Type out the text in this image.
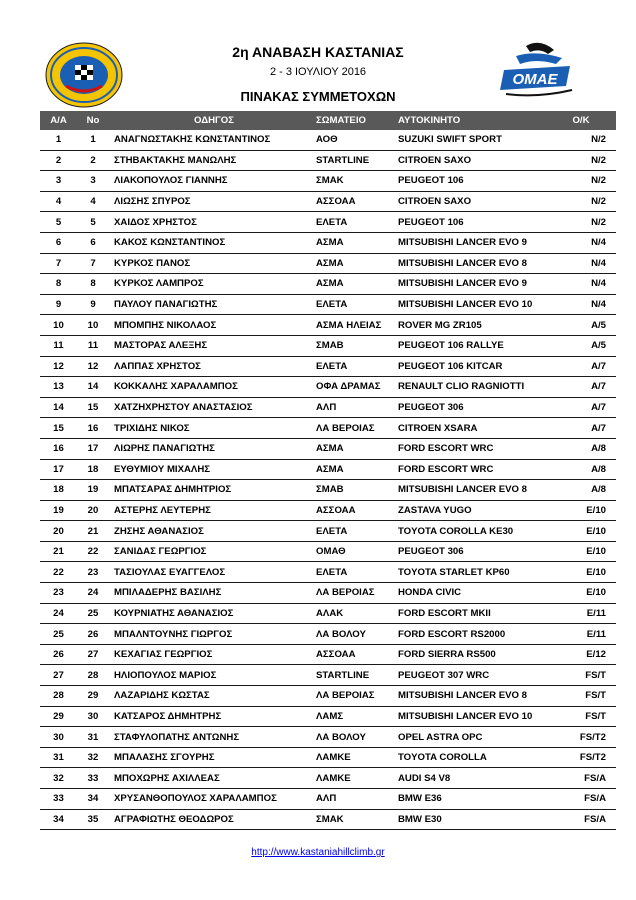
2η ΑΝΑΒΑΣΗ ΚΑΣΤΑΝΙΑΣ
2 - 3 ΙΟΥΛΙΟΥ 2016
ΠΙΝΑΚΑΣ ΣΥΜΜΕΤΟΧΩΝ
ΟΜΑΕ
Α/Α	Νο	ΟΔΗΓΟΣ	ΣΩΜΑΤΕΙΟ	ΑΥΤΟΚΙΝΗΤΟ	Ο/Κ
1	1	ΑΝΑΓΝΩΣΤΑΚΗΣ ΚΩΝΣΤΑΝΤΙΝΟΣ	ΑΟΘ	SUZUKI SWIFT SPORT	N/2
2	2	ΣΤΗΒΑΚΤΑΚΗΣ ΜΑΝΩΛΗΣ	STARTLINE	CITROEN SAXO	N/2
3	3	ΛΙΑΚΟΠΟΥΛΟΣ ΓΙΑΝΝΗΣ	ΣΜΑΚ	PEUGEOT 106	N/2
4	4	ΛΙΩΣΗΣ ΣΠΥΡΟΣ	ΑΣΣΟΑΑ	CITROEN SAXO	N/2
5	5	ΧΑΙΔΟΣ ΧΡΗΣΤΟΣ	ΕΛΕΤΑ	PEUGEOT 106	N/2
6	6	ΚΑΚΟΣ ΚΩΝΣΤΑΝΤΙΝΟΣ	ΑΣΜΑ	MITSUBISHI LANCER EVO 9	N/4
7	7	ΚΥΡΚΟΣ ΠΑΝΟΣ	ΑΣΜΑ	MITSUBISHI LANCER EVO 8	N/4
8	8	ΚΥΡΚΟΣ ΛΑΜΠΡΟΣ	ΑΣΜΑ	MITSUBISHI LANCER EVO 9	N/4
9	9	ΠΑΥΛΟΥ ΠΑΝΑΓΙΩΤΗΣ	ΕΛΕΤΑ	MITSUBISHI LANCER EVO 10	N/4
10	10	ΜΠΟΜΠΗΣ ΝΙΚΟΛΑΟΣ	ΑΣΜΑ ΗΛΕΙΑΣ	ROVER MG ZR105	A/5
11	11	ΜΑΣΤΟΡΑΣ ΑΛΕΞΗΣ	ΣΜΑΒ	PEUGEOT 106 RALLYE	A/5
12	12	ΛΑΠΠΑΣ ΧΡΗΣΤΟΣ	ΕΛΕΤΑ	PEUGEOT 106 KITCAR	A/7
13	14	ΚΟΚΚΑΛΗΣ ΧΑΡΑΛΑΜΠΟΣ	ΟΦΑ ΔΡΑΜΑΣ	RENAULT CLIO RAGNIOTTI	A/7
14	15	ΧΑΤΖΗΧΡΗΣΤΟΥ ΑΝΑΣΤΑΣΙΟΣ	ΑΛΠ	PEUGEOT 306	A/7
15	16	ΤΡΙΧΙΔΗΣ ΝΙΚΟΣ	ΛΑ ΒΕΡΟΙΑΣ	CITROEN XSARA	A/7
16	17	ΛΙΩΡΗΣ ΠΑΝΑΓΙΩΤΗΣ	ΑΣΜΑ	FORD ESCORT WRC	A/8
17	18	ΕΥΘΥΜΙΟΥ ΜΙΧΑΛΗΣ	ΑΣΜΑ	FORD ESCORT WRC	A/8
18	19	ΜΠΑΤΣΑΡΑΣ ΔΗΜΗΤΡΙΟΣ	ΣΜΑΒ	MITSUBISHI LANCER EVO 8	A/8
19	20	ΑΣΤΕΡΗΣ ΛΕΥΤΕΡΗΣ	ΑΣΣΟΑΑ	ZASTAVA YUGO	E/10
20	21	ΖΗΣΗΣ ΑΘΑΝΑΣΙΟΣ	ΕΛΕΤΑ	TOYOTA COROLLA KE30	E/10
21	22	ΣΑΝΙΔΑΣ ΓΕΩΡΓΙΟΣ	ΟΜΑΘ	PEUGEOT 306	E/10
22	23	ΤΑΣΙΟΥΛΑΣ ΕΥΑΓΓΕΛΟΣ	ΕΛΕΤΑ	TOYOTA STARLET KP60	E/10
23	24	ΜΠΙΛΑΔΕΡΗΣ ΒΑΣΙΛΗΣ	ΛΑ ΒΕΡΟΙΑΣ	HONDA CIVIC	E/10
24	25	ΚΟΥΡΝΙΑΤΗΣ ΑΘΑΝΑΣΙΟΣ	ΑΛΑΚ	FORD ESCORT MKII	E/11
25	26	ΜΠΑΛΝΤΟΥΝΗΣ ΓΙΩΡΓΟΣ	ΛΑ ΒΟΛΟΥ	FORD ESCORT RS2000	E/11
26	27	ΚΕΧΑΓΙΑΣ ΓΕΩΡΓΙΟΣ	ΑΣΣΟΑΑ	FORD SIERRA RS500	E/12
27	28	ΗΛΙΟΠΟΥΛΟΣ ΜΑΡΙΟΣ	STARTLINE	PEUGEOT 307 WRC	FS/T
28	29	ΛΑΖΑΡΙΔΗΣ ΚΩΣΤΑΣ	ΛΑ ΒΕΡΟΙΑΣ	MITSUBISHI LANCER EVO 8	FS/T
29	30	ΚΑΤΣΑΡΟΣ ΔΗΜΗΤΡΗΣ	ΛΑΜΣ	MITSUBISHI LANCER EVO 10	FS/T
30	31	ΣΤΑΦΥΛΟΠΑΤΗΣ ΑΝΤΩΝΗΣ	ΛΑ ΒΟΛΟΥ	OPEL ASTRA OPC	FS/T2
31	32	ΜΠΑΛΑΣΗΣ ΣΓΟΥΡΗΣ	ΛΑΜΚΕ	TOYOTA COROLLA	FS/T2
32	33	ΜΠΟΧΩΡΗΣ ΑΧΙΛΛΕΑΣ	ΛΑΜΚΕ	AUDI S4 V8	FS/A
33	34	ΧΡΥΣΑΝΘΟΠΟΥΛΟΣ ΧΑΡΑΛΑΜΠΟΣ	ΑΛΠ	BMW E36	FS/A
34	35	ΑΓΡΑΦΙΩΤΗΣ ΘΕΟΔΩΡΟΣ	ΣΜΑΚ	BMW E30	FS/A
http://www.kastaniahillclimb.gr
